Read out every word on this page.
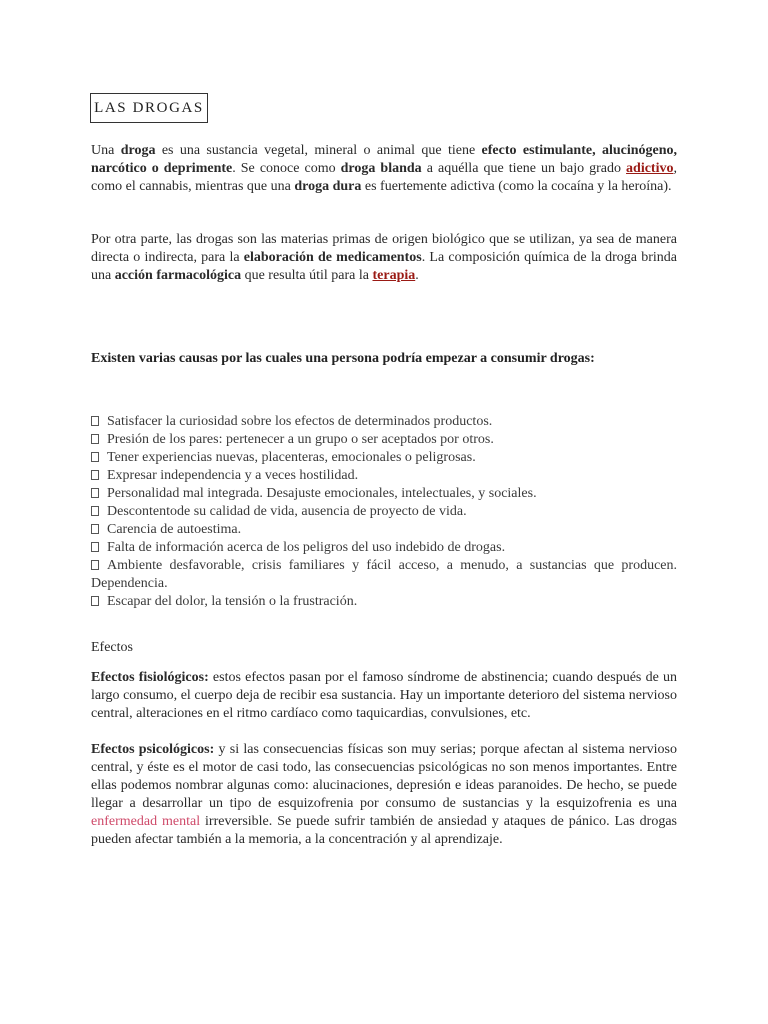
LAS DROGAS

Una droga es una sustancia vegetal, mineral o animal que tiene efecto estimulante, alucinógeno, narcótico o deprimente. Se conoce como droga blanda a aquélla que tiene un bajo grado adictivo, como el cannabis, mientras que una droga dura es fuertemente adictiva (como la cocaína y la heroína).

Por otra parte, las drogas son las materias primas de origen biológico que se utilizan, ya sea de manera directa o indirecta, para la elaboración de medicamentos. La composición química de la droga brinda una acción farmacológica que resulta útil para la terapia.

Existen varias causas por las cuales una persona podría empezar a consumir drogas:

Satisfacer la curiosidad sobre los efectos de determinados productos.
Presión de los pares: pertenecer a un grupo o ser aceptados por otros.
Tener experiencias nuevas, placenteras, emocionales o peligrosas.
Expresar independencia y a veces hostilidad.
Personalidad mal integrada. Desajuste emocionales, intelectuales, y sociales.
Descontentode su calidad de vida, ausencia de proyecto de vida.
Carencia de autoestima.
Falta de información acerca de los peligros del uso indebido de drogas.
Ambiente desfavorable, crisis familiares y fácil acceso, a menudo, a sustancias que producen. Dependencia.
Escapar del dolor, la tensión o la frustración.

Efectos

Efectos fisiológicos: estos efectos pasan por el famoso síndrome de abstinencia; cuando después de un largo consumo, el cuerpo deja de recibir esa sustancia. Hay un importante deterioro del sistema nervioso central, alteraciones en el ritmo cardíaco como taquicardias, convulsiones, etc.

Efectos psicológicos: y si las consecuencias físicas son muy serias; porque afectan al sistema nervioso central, y éste es el motor de casi todo, las consecuencias psicológicas no son menos importantes. Entre ellas podemos nombrar algunas como: alucinaciones, depresión e ideas paranoides. De hecho, se puede llegar a desarrollar un tipo de esquizofrenia por consumo de sustancias y la esquizofrenia es una enfermedad mental irreversible. Se puede sufrir también de ansiedad y ataques de pánico. Las drogas pueden afectar también a la memoria, a la concentración y al aprendizaje.
